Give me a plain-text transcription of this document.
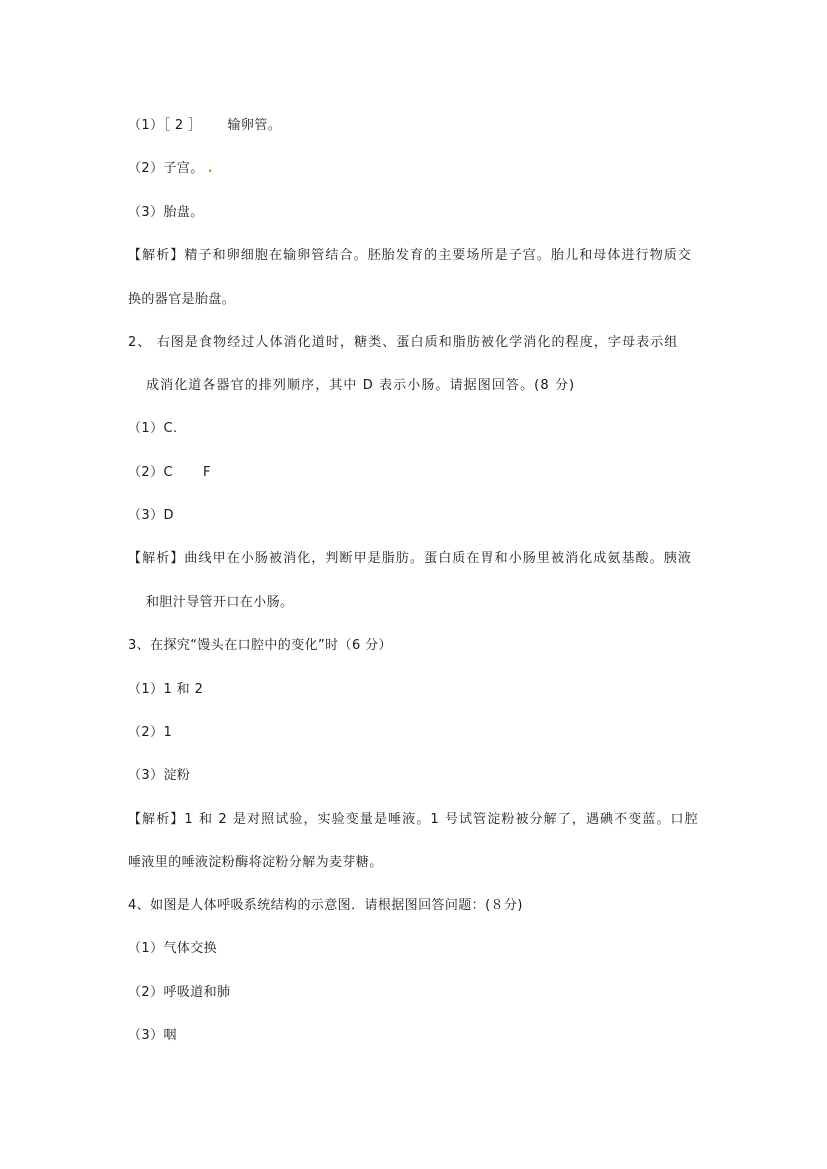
（1）［ 2 ］ 输卵管。
（2）子宫。 .
（3）胎盘。
【解析】精子和卵细胞在输卵管结合。胚胎发育的主要场所是子宫。胎儿和母体进行物质交
换的器官是胎盘。
2、 右图是食物经过人体消化道时，糖类、蛋白质和脂肪被化学消化的程度，字母表示组
成消化道各器官的排列顺序，其中 D 表示小肠。请据图回答。(8 分)
（1）C.
（2）C F
（3）D
【解析】曲线甲在小肠被消化，判断甲是脂肪。蛋白质在胃和小肠里被消化成氨基酸。胰液
和胆汁导管开口在小肠。
3、在探究“馒头在口腔中的变化”时（6 分）
（1）1 和 2
（2）1
（3）淀粉
【解析】1 和 2 是对照试验，实验变量是唾液。1 号试管淀粉被分解了，遇碘不变蓝。口腔
唾液里的唾液淀粉酶将淀粉分解为麦芽糖。
4、如图是人体呼吸系统结构的示意图．请根据图回答问题：(８分)
（1）气体交换
（2）呼吸道和肺
（3）咽
